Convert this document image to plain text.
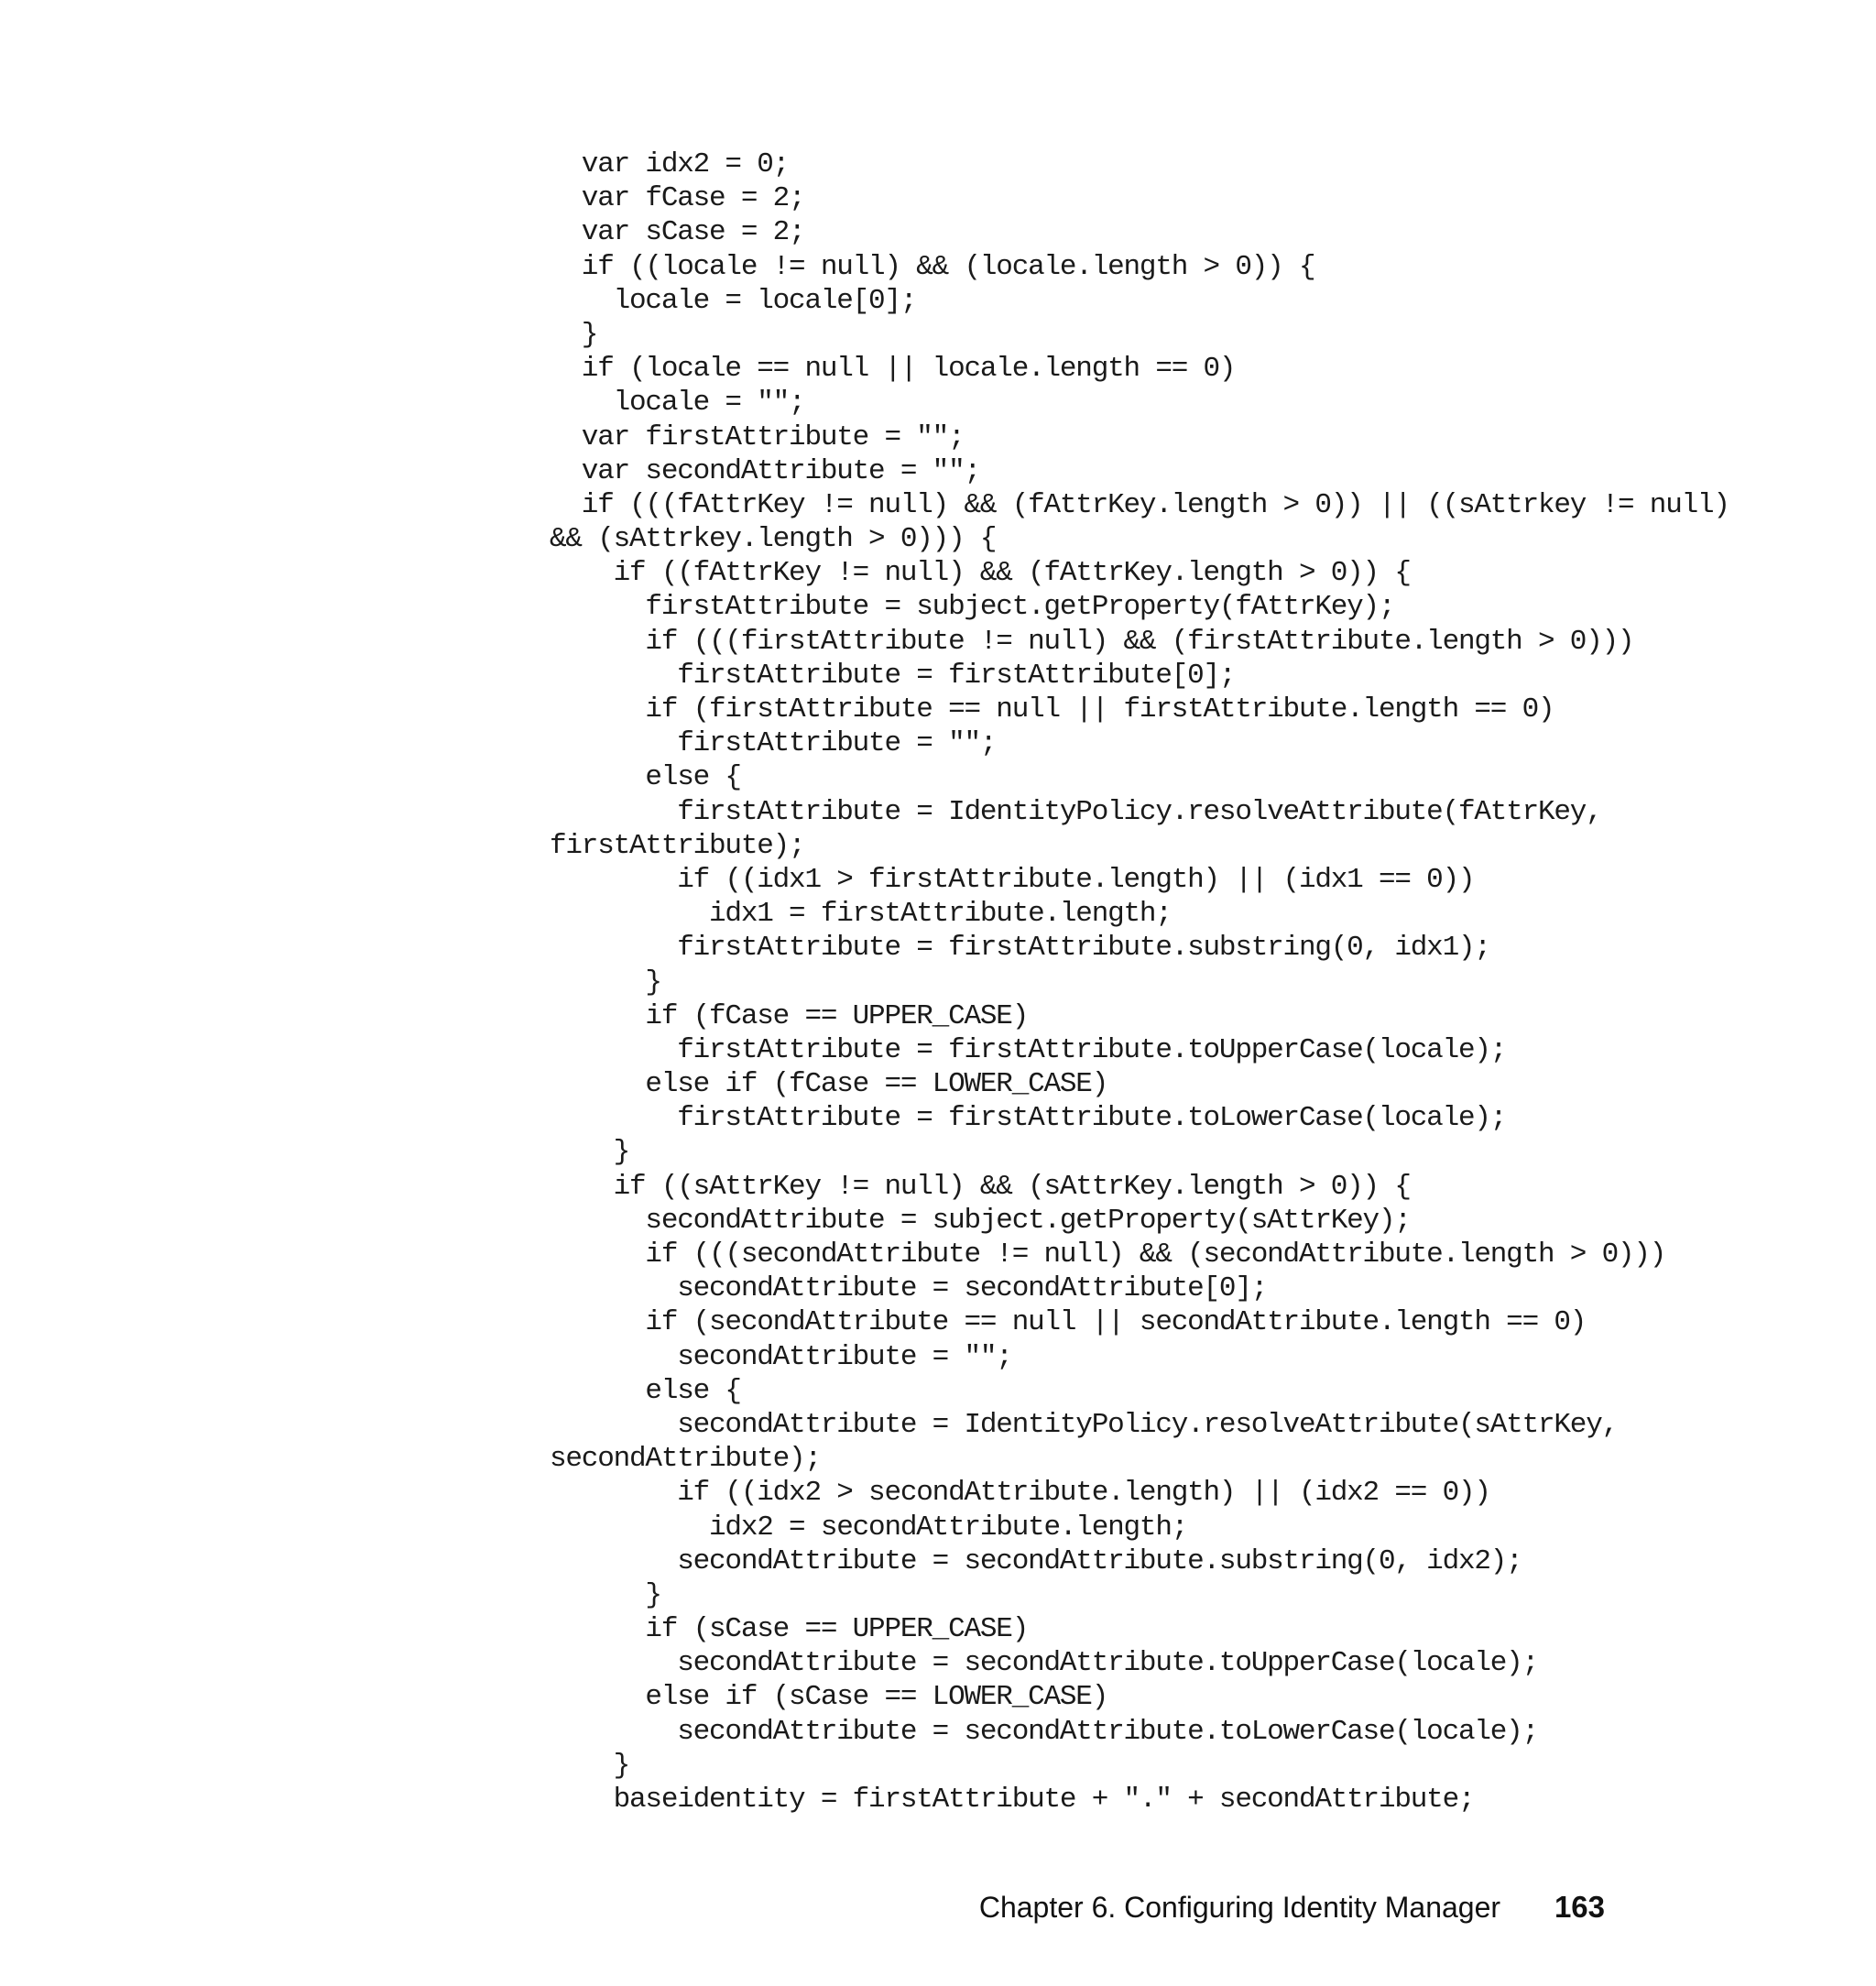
var idx2 = 0;
var fCase = 2;
var sCase = 2;
if ((locale != null) && (locale.length > 0)) {
locale = locale[0];
}
if (locale == null || locale.length == 0)
locale = "";
var firstAttribute = "";
var secondAttribute = "";
if (((fAttrKey != null) && (fAttrKey.length > 0)) || ((sAttrkey != null)
&& (sAttrkey.length > 0))) {
if ((fAttrKey != null) && (fAttrKey.length > 0)) {
firstAttribute = subject.getProperty(fAttrKey);
if (((firstAttribute != null) && (firstAttribute.length > 0)))
firstAttribute = firstAttribute[0];
if (firstAttribute == null || firstAttribute.length == 0)
firstAttribute = "";
else {
firstAttribute = IdentityPolicy.resolveAttribute(fAttrKey,
firstAttribute);
if ((idx1 > firstAttribute.length) || (idx1 == 0))
idx1 = firstAttribute.length;
firstAttribute = firstAttribute.substring(0, idx1);
}
if (fCase == UPPER_CASE)
firstAttribute = firstAttribute.toUpperCase(locale);
else if (fCase == LOWER_CASE)
firstAttribute = firstAttribute.toLowerCase(locale);
}
if ((sAttrKey != null) && (sAttrKey.length > 0)) {
secondAttribute = subject.getProperty(sAttrKey);
if (((secondAttribute != null) && (secondAttribute.length > 0)))
secondAttribute = secondAttribute[0];
if (secondAttribute == null || secondAttribute.length == 0)
secondAttribute = "";
else {
secondAttribute = IdentityPolicy.resolveAttribute(sAttrKey,
secondAttribute);
if ((idx2 > secondAttribute.length) || (idx2 == 0))
idx2 = secondAttribute.length;
secondAttribute = secondAttribute.substring(0, idx2);
}
if (sCase == UPPER_CASE)
secondAttribute = secondAttribute.toUpperCase(locale);
else if (sCase == LOWER_CASE)
secondAttribute = secondAttribute.toLowerCase(locale);
}
baseidentity = firstAttribute + "." + secondAttribute;
Chapter 6. Configuring Identity Manager 163
